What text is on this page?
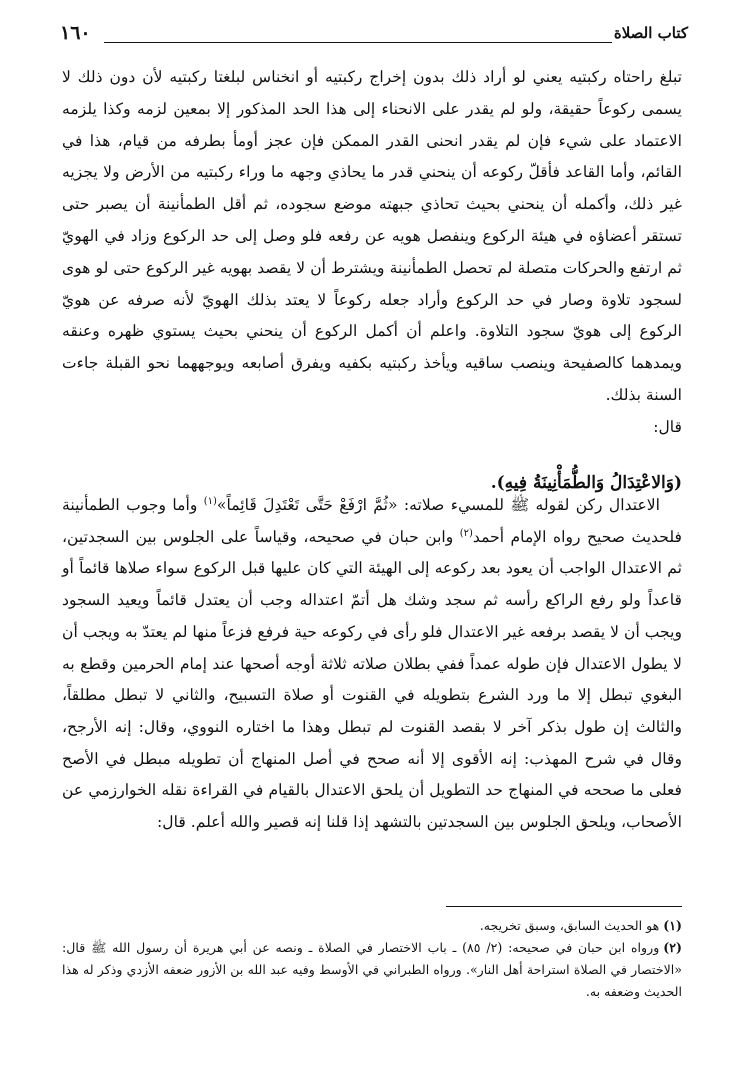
كتاب الصلاة
١٦٠

تبلغ راحتاه ركبتيه يعني لو أراد ذلك بدون إخراج ركبتيه أو انخناس لبلغتا ركبتيه لأن دون ذلك لا يسمى ركوعاً حقيقة، ولو لم يقدر على الانحناء إلى هذا الحد المذكور إلا بمعين لزمه وكذا يلزمه الاعتماد على شيء فإن لم يقدر انحنى القدر الممكن فإن عجز أومأ بطرفه من قيام، هذا في القائم، وأما القاعد فأقلّ ركوعه أن ينحني قدر ما يحاذي وجهه ما وراء ركبتيه من الأرض ولا يجزيه غير ذلك، وأكمله أن ينحني بحيث تحاذي جبهته موضع سجوده، ثم أقل الطمأنينة أن يصبر حتى تستقر أعضاؤه في هيئة الركوع وينفصل هويه عن رفعه فلو وصل إلى حد الركوع وزاد في الهويّ ثم ارتفع والحركات متصلة لم تحصل الطمأنينة ويشترط أن لا يقصد بهويه غير الركوع حتى لو هوى لسجود تلاوة وصار في حد الركوع وأراد جعله ركوعاً لا يعتد بذلك الهويّ لأنه صرفه عن هويّ الركوع إلى هويّ سجود التلاوة. واعلم أن أكمل الركوع أن ينحني بحيث يستوي ظهره وعنقه ويمدهما كالصفيحة وينصب ساقيه ويأخذ ركبتيه بكفيه ويفرق أصابعه ويوجههما نحو القبلة جاءت السنة بذلك.

قال:

(وَالاعْتِدَالُ وَالطُّمَأْنِينَةُ فِيهِ).

الاعتدال ركن لقوله ﷺ للمسيء صلاته: «ثُمَّ ارْفَعْ حَتَّى تَعْتَدِلَ قَائِماً»$^{(١)}$ وأما وجوب الطمأنينة فلحديث صحيح رواه الإمام أحمد$^{(٢)}$ وابن حبان في صحيحه، وقياساً على الجلوس بين السجدتين، ثم الاعتدال الواجب أن يعود بعد ركوعه إلى الهيئة التي كان عليها قبل الركوع سواء صلاها قائماً أو قاعداً ولو رفع الراكع رأسه ثم سجد وشك هل أتمّ اعتداله وجب أن يعتدل قائماً ويعيد السجود ويجب أن لا يقصد برفعه غير الاعتدال فلو رأى في ركوعه حية فرفع فزعاً منها لم يعتدّ به ويجب أن لا يطول الاعتدال فإن طوله عمداً ففي بطلان صلاته ثلاثة أوجه أصحها عند إمام الحرمين وقطع به البغوي تبطل إلا ما ورد الشرع بتطويله في القنوت أو صلاة التسبيح، والثاني لا تبطل مطلقاً، والثالث إن طول بذكر آخر لا بقصد القنوت لم تبطل وهذا ما اختاره النووي، وقال: إنه الأرجح، وقال في شرح المهذب: إنه الأقوى إلا أنه صحح في أصل المنهاج أن تطويله مبطل في الأصح فعلى ما صححه في المنهاج حد التطويل أن يلحق الاعتدال بالقيام في القراءة نقله الخوارزمي عن الأصحاب، ويلحق الجلوس بين السجدتين بالتشهد إذا قلنا إنه قصير والله أعلم. قال:

(١)هو الحديث السابق، وسبق تخريجه.

(٢)ورواه ابن حبان في صحيحه: (٢/ ٨٥) ـ باب الاختصار في الصلاة ـ ونصه عن أبي هريرة أن رسول الله ﷺ قال: «الاختصار في الصلاة استراحة أهل النار». ورواه الطبراني في الأوسط وفيه عبد الله بن الأزور ضعفه الأزدي وذكر له هذا الحديث وضعفه به.
